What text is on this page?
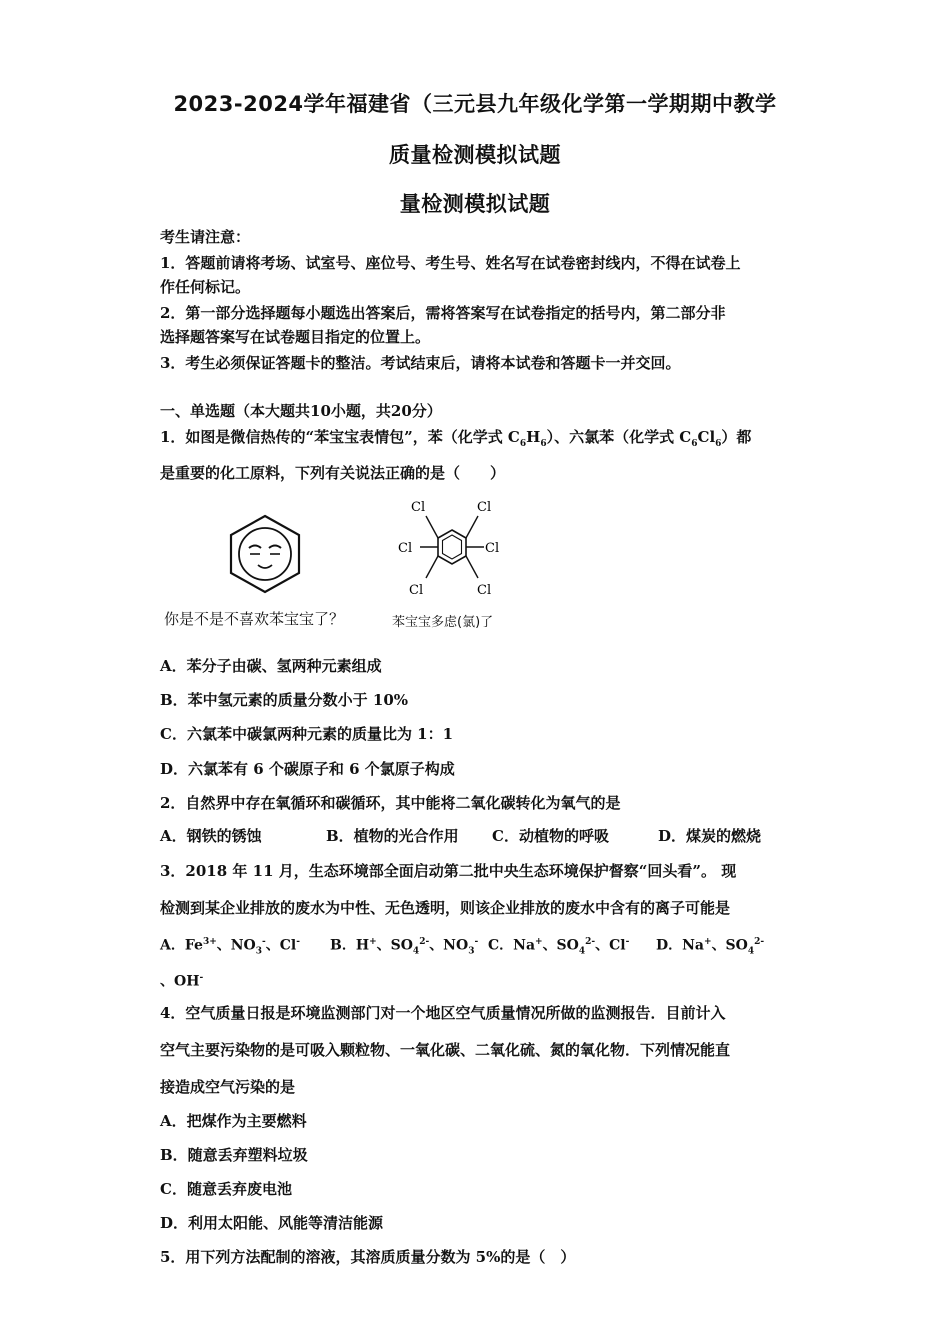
2023-2024学年福建省（三元县九年级化学第一学期期中教学
质量检测模拟试题
量检测模拟试题
考生请注意：
1．答题前请将考场、试室号、座位号、考生号、姓名写在试卷密封线内，不得在试卷上
作任何标记。
2．第一部分选择题每小题选出答案后，需将答案写在试卷指定的括号内，第二部分非
选择题答案写在试卷题目指定的位置上。
3．考生必须保证答题卡的整洁。考试结束后，请将本试卷和答题卡一并交回。
一、单选题（本大题共10小题，共20分）
1．如图是微信热传的“苯宝宝表情包”，苯（化学式 $C_6H_6$）、六氯苯（化学式 $C_6Cl_6$）都
是重要的化工原料，下列有关说法正确的是（　　）
Cl	Cl
Cl	Cl
Cl	Cl
你是不是不喜欢苯宝宝了？	苯宝宝多虑(氯)了
A．苯分子由碳、氢两种元素组成
B．苯中氢元素的质量分数小于 10%
C．六氯苯中碳氯两种元素的质量比为 1：1
D．六氯苯有 6 个碳原子和 6 个氯原子构成
2．自然界中存在氧循环和碳循环，其中能将二氧化碳转化为氧气的是
A．钢铁的锈蚀	B．植物的光合作用 C．动植物的呼吸	D．煤炭的燃烧
3．2018 年 11 月，生态环境部全面启动第二批中央生态环境保护督察“回头看”。 现
检测到某企业排放的废水为中性、无色透明，则该企业排放的废水中含有的离子可能是
A．$Fe^{3+}$、$NO_3^-$、Cl- B．H+、$SO_4^{2-}$、$NO_3^-$ C．Na+、$SO_4^{2-}$、Cl- D．Na+、$SO_4^{2-}$
、OH-
4．空气质量日报是环境监测部门对一个地区空气质量情况所做的监测报告．目前计入
空气主要污染物的是可吸入颗粒物、一氧化碳、二氧化硫、氮的氧化物．下列情况能直
接造成空气污染的是
A．把煤作为主要燃料
B．随意丢弃塑料垃圾
C．随意丢弃废电池
D．利用太阳能、风能等清洁能源
5．用下列方法配制的溶液，其溶质质量分数为 5%的是（　）
